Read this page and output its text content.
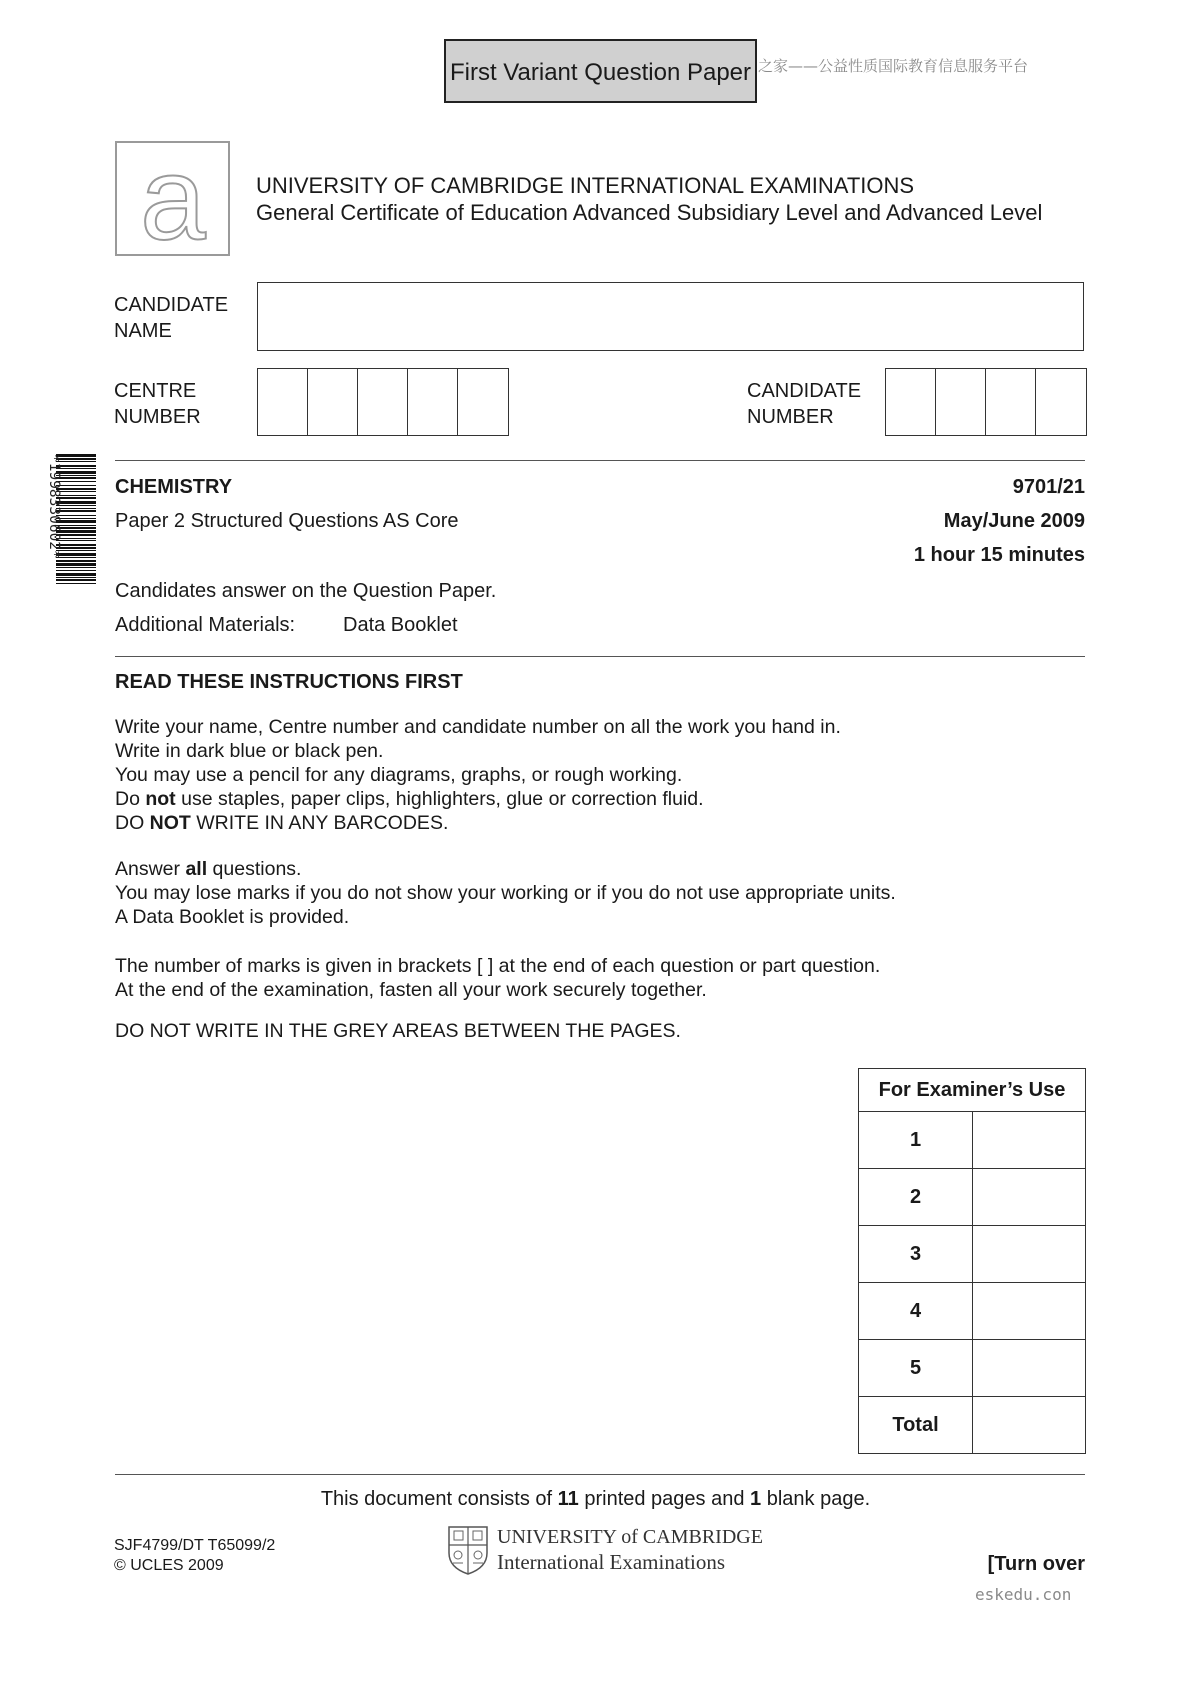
First Variant Question Paper 之家——公益性质国际教育信息服务平台
a UNIVERSITY OF CAMBRIDGE INTERNATIONAL EXAMINATIONS
General Certificate of Education Advanced Subsidiary Level and Advanced Level
CANDIDATE
NAME
CENTRE
NUMBER
CANDIDATE
NUMBER
*1998330602*	CHEMISTRY	9701/21
Paper 2 Structured Questions AS Core	May/June 2009
1 hour 15 minutes
Candidates answer on the Question Paper.
Additional Materials: Data Booklet
READ THESE INSTRUCTIONS FIRST
Write your name, Centre number and candidate number on all the work you hand in.
Write in dark blue or black pen.
You may use a pencil for any diagrams, graphs, or rough working.
Do not use staples, paper clips, highlighters, glue or correction fluid.
DO NOT WRITE IN ANY BARCODES.
Answer all questions.
You may lose marks if you do not show your working or if you do not use appropriate units.
A Data Booklet is provided.
The number of marks is given in brackets [ ] at the end of each question or part question.
At the end of the examination, fasten all your work securely together.
DO NOT WRITE IN THE GREY AREAS BETWEEN THE PAGES.
For Examiner’s Use	
1	
2	
3	
4	
5	
Total	
This document consists of 11 printed pages and 1 blank page.
SJF4799/DT T65099/2
© UCLES 2009
UNIVERSITY of CAMBRIDGE
International Examinations	[Turn over
eskedu.con
